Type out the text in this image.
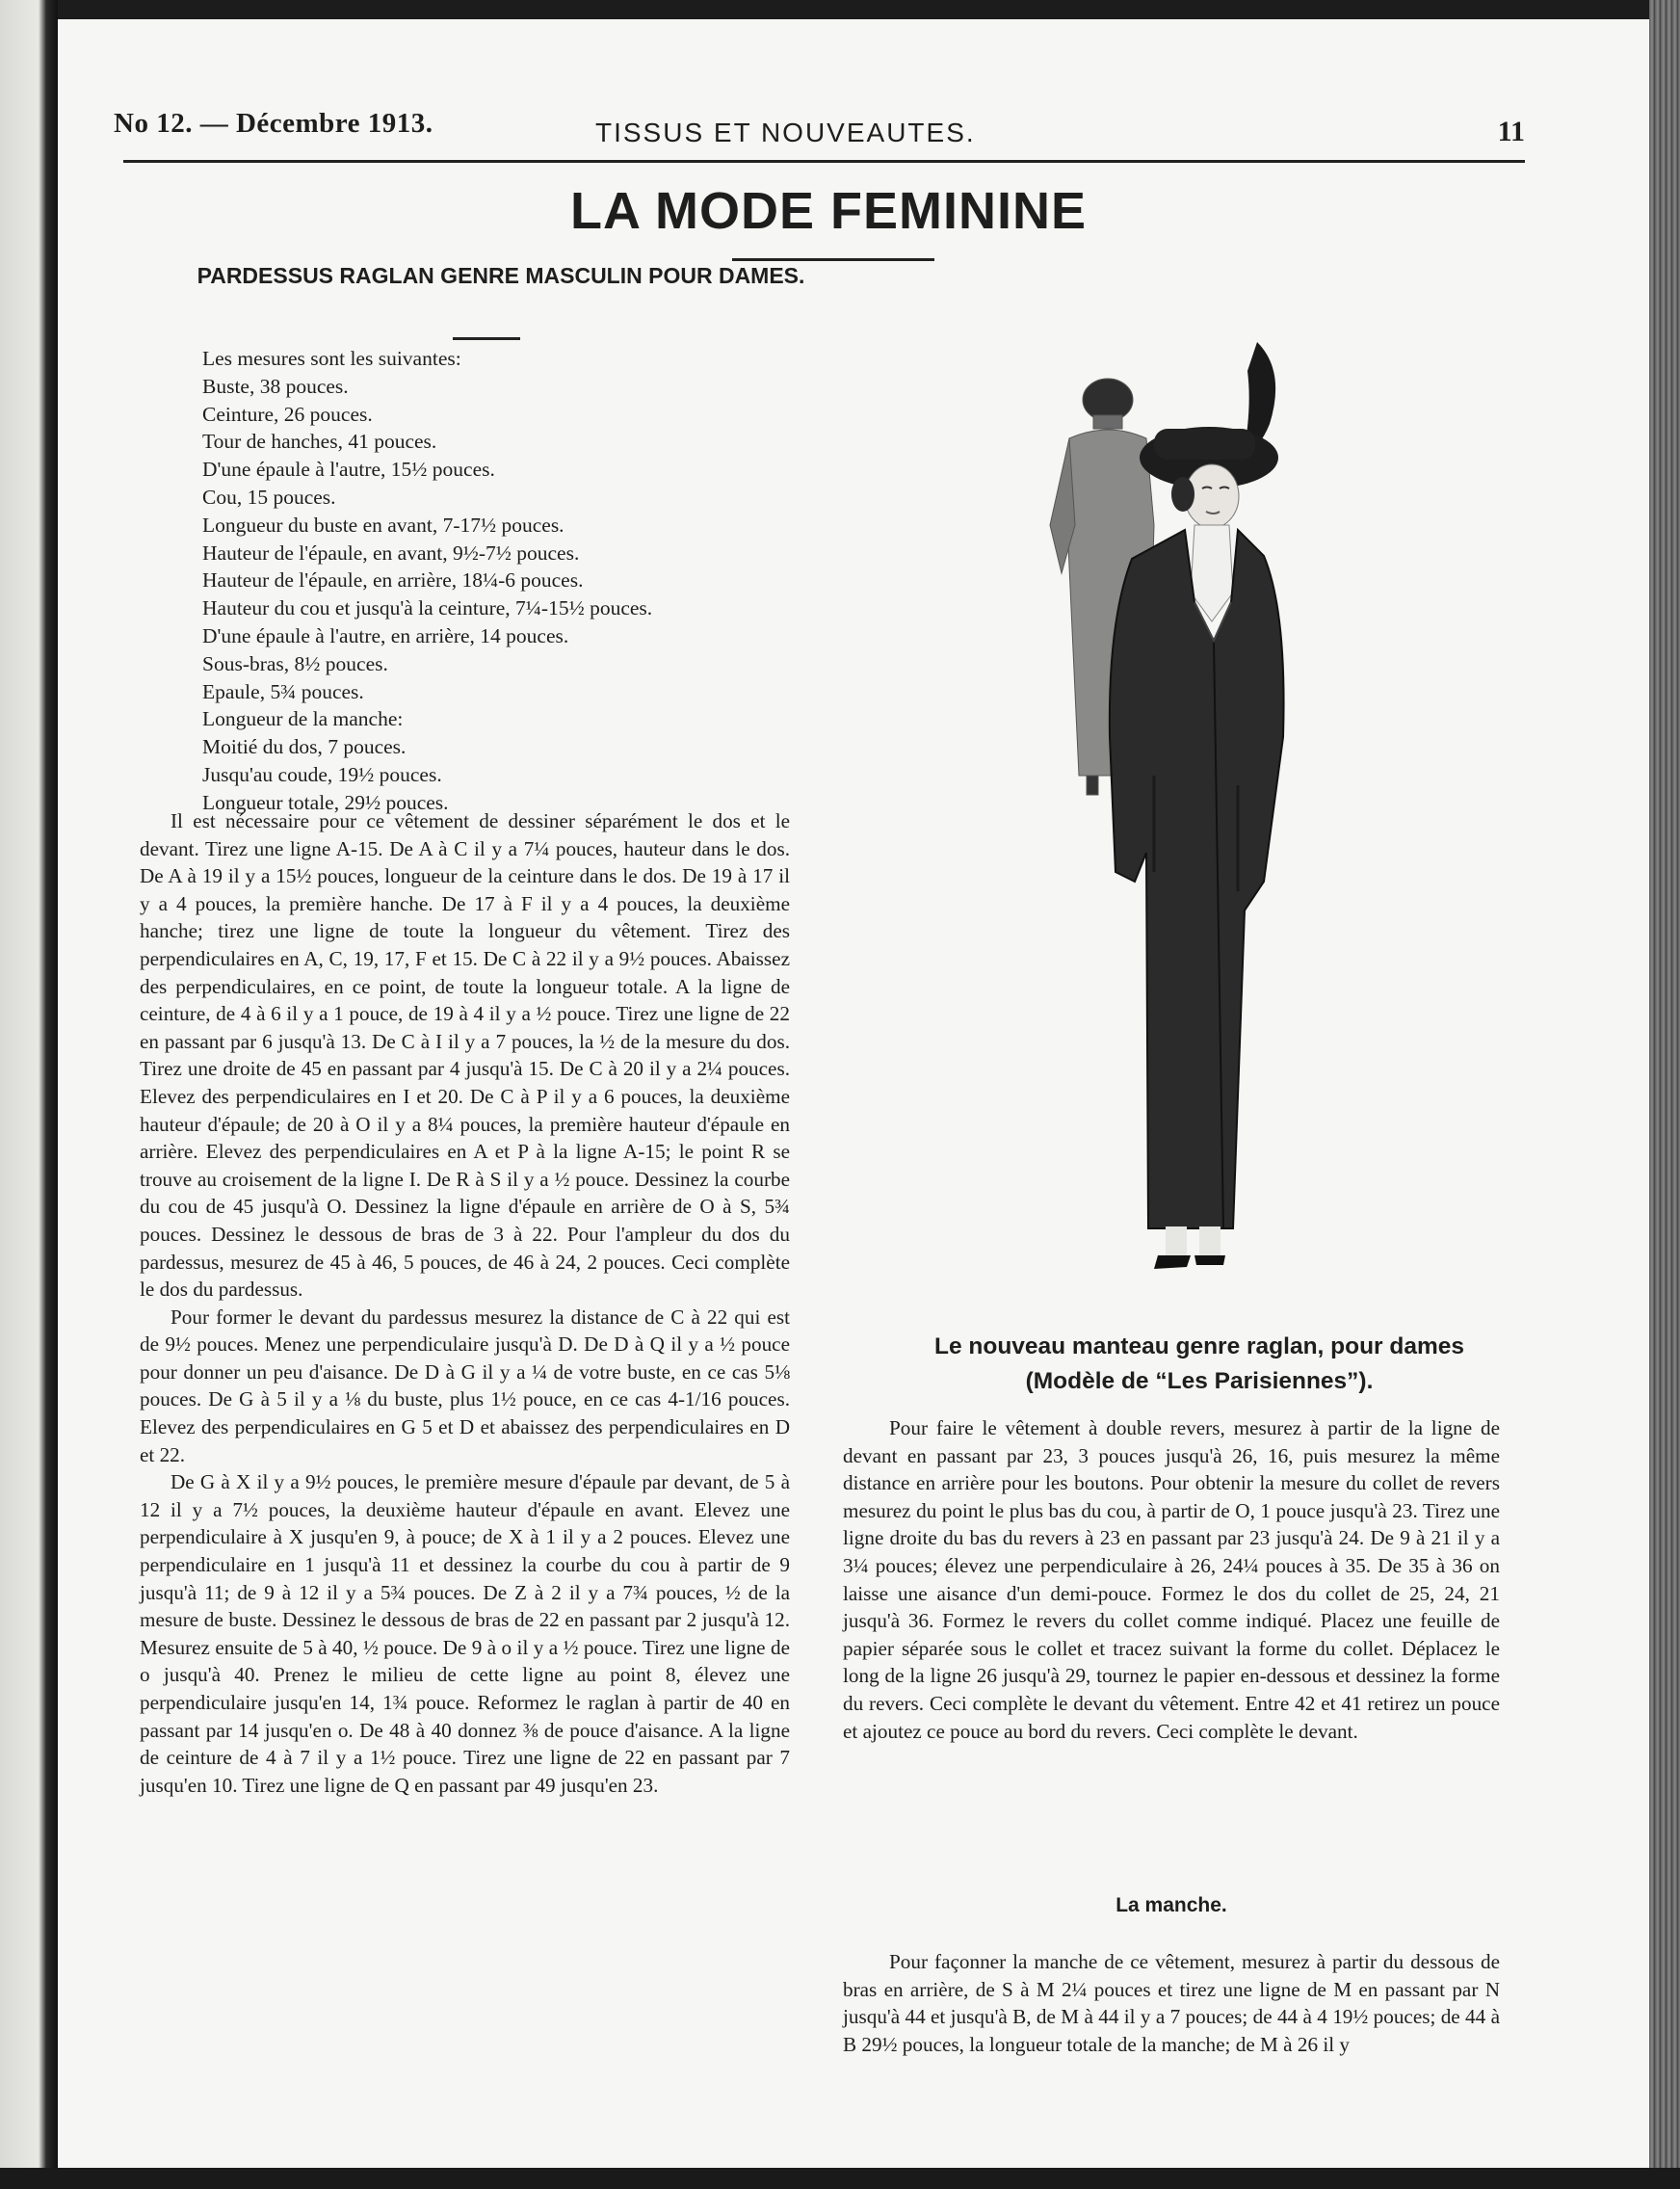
No 12. — Décembre 1913.	TISSUS ET NOUVEAUTES.	11
LA MODE FEMININE
PARDESSUS RAGLAN GENRE MASCULIN POUR DAMES.
Les mesures sont les suivantes:
Buste, 38 pouces.
Ceinture, 26 pouces.
Tour de hanches, 41 pouces.
D'une épaule à l'autre, 15½ pouces.
Cou, 15 pouces.
Longueur du buste en avant, 7-17½ pouces.
Hauteur de l'épaule, en avant, 9½-7½ pouces.
Hauteur de l'épaule, en arrière, 18¼-6 pouces.
Hauteur du cou et jusqu'à la ceinture, 7¼-15½ pouces.
D'une épaule à l'autre, en arrière, 14 pouces.
Sous-bras, 8½ pouces.
Epaule, 5¾ pouces.
Longueur de la manche:
Moitié du dos, 7 pouces.
Jusqu'au coude, 19½ pouces.
Longueur totale, 29½ pouces.

Il est nécessaire pour ce vêtement de dessiner séparément le dos et le devant. Tirez une ligne A-15. De A à C il y a 7¼ pouces, hauteur dans le dos. De A à 19 il y a 15½ pouces, longueur de la ceinture dans le dos. De 19 à 17 il y a 4 pouces, la première hanche. De 17 à F il y a 4 pouces, la deuxième hanche; tirez une ligne de toute la longueur du vêtement. Tirez des perpendiculaires en A, C, 19, 17, F et 15. De C à 22 il y a 9½ pouces. Abaissez des perpendiculaires, en ce point, de toute la longueur totale. A la ligne de ceinture, de 4 à 6 il y a 1 pouce, de 19 à 4 il y a ½ pouce. Tirez une ligne de 22 en passant par 6 jusqu'à 13. De C à I il y a 7 pouces, la ½ de la mesure du dos. Tirez une droite de 45 en passant par 4 jusqu'à 15. De C à 20 il y a 2¼ pouces. Elevez des perpendiculaires en I et 20. De C à P il y a 6 pouces, la deuxième hauteur d'épaule; de 20 à O il y a 8¼ pouces, la première hauteur d'épaule en arrière. Elevez des perpendiculaires en A et P à la ligne A-15; le point R se trouve au croisement de la ligne I. De R à S il y a ½ pouce. Dessinez la courbe du cou de 45 jusqu'à O. Dessinez la ligne d'épaule en arrière de O à S, 5¾ pouces. Dessinez le dessous de bras de 3 à 22. Pour l'ampleur du dos du pardessus, mesurez de 45 à 46, 5 pouces, de 46 à 24, 2 pouces. Ceci complète le dos du pardessus.

Pour former le devant du pardessus mesurez la distance de C à 22 qui est de 9½ pouces. Menez une perpendiculaire jusqu'à D. De D à Q il y a ½ pouce pour donner un peu d'aisance. De D à G il y a ¼ de votre buste, en ce cas 5⅛ pouces. De G à 5 il y a ⅛ du buste, plus 1½ pouce, en ce cas 4-1/16 pouces. Elevez des perpendiculaires en G 5 et D et abaissez des perpendiculaires en D et 22.

De G à X il y a 9½ pouces, le première mesure d'épaule par devant, de 5 à 12 il y a 7½ pouces, la deuxième hauteur d'épaule en avant. Elevez une perpendiculaire à X jusqu'en 9, à pouce; de X à 1 il y a 2 pouces. Elevez une perpendiculaire en 1 jusqu'à 11 et dessinez la courbe du cou à partir de 9 jusqu'à 11; de 9 à 12 il y a 5¾ pouces. De Z à 2 il y a 7¾ pouces, ½ de la mesure de buste. Dessinez le dessous de bras de 22 en passant par 2 jusqu'à 12. Mesurez ensuite de 5 à 40, ½ pouce. De 9 à o il y a ½ pouce. Tirez une ligne de o jusqu'à 40. Prenez le milieu de cette ligne au point 8, élevez une perpendiculaire jusqu'en 14, 1¾ pouce. Reformez le raglan à partir de 40 en passant par 14 jusqu'en o. De 48 à 40 donnez ⅜ de pouce d'aisance. A la ligne de ceinture de 4 à 7 il y a 1½ pouce. Tirez une ligne de 22 en passant par 7 jusqu'en 10. Tirez une ligne de Q en passant par 49 jusqu'en 23.

Le nouveau manteau genre raglan, pour dames
(Modèle de “Les Parisiennes”).

Pour faire le vêtement à double revers, mesurez à partir de la ligne de devant en passant par 23, 3 pouces jusqu'à 26, 16, puis mesurez la même distance en arrière pour les boutons. Pour obtenir la mesure du collet de revers mesurez du point le plus bas du cou, à partir de O, 1 pouce jusqu'à 23. Tirez une ligne droite du bas du revers à 23 en passant par 23 jusqu'à 24. De 9 à 21 il y a 3¼ pouces; élevez une perpendiculaire à 26, 24¼ pouces à 35. De 35 à 36 on laisse une aisance d'un demi-pouce. Formez le dos du collet de 25, 24, 21 jusqu'à 36. Formez le revers du collet comme indiqué. Placez une feuille de papier séparée sous le collet et tracez suivant la forme du collet. Déplacez le long de la ligne 26 jusqu'à 29, tournez le papier en-dessous et dessinez la forme du revers. Ceci complète le devant du vêtement. Entre 42 et 41 retirez un pouce et ajoutez ce pouce au bord du revers. Ceci complète le devant.

La manche.

Pour façonner la manche de ce vêtement, mesurez à partir du dessous de bras en arrière, de S à M 2¼ pouces et tirez une ligne de M en passant par N jusqu'à 44 et jusqu'à B, de M à 44 il y a 7 pouces; de 44 à 4 19½ pouces; de 44 à B 29½ pouces, la longueur totale de la manche; de M à 26 il y
